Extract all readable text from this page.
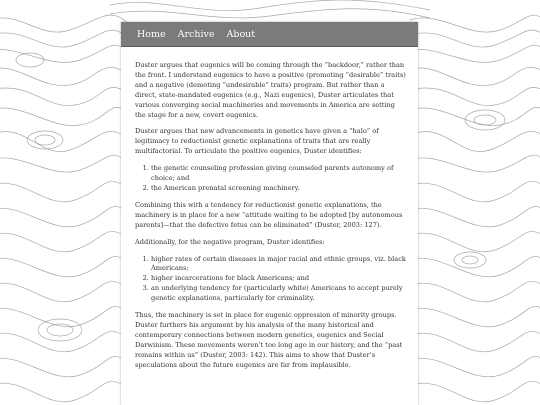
Home Archive About

Duster argues that eugenics will be coming through the “backdoor,” rather than the front. I understand eugenics to have a positive (promoting “desirable” traits) and a negative (demoting “undesirable” traits) program. But rather than a direct, state-mandated eugenics (e.g., Nazi eugenics), Duster articulates that various converging social machineries and movements in America are setting the stage for a new, covert eugenics.

Duster argues that new advancements in genetics have given a “halo” of legitimacy to reductionist genetic explanations of traits that are really multifactorial. To articulate the positive eugenics, Duster identifies:

1. the genetic counseling profession giving counseled parents autonomy of choice; and
2. the American prenatal screening machinery.

Combining this with a tendency for reductionist genetic explanations, the machinery is in place for a new “attitude waiting to be adopted [by autonomous parents]—that the defective fetus can be eliminated” (Duster, 2003: 127).

Additionally, for the negative program, Duster identifies:

1. higher rates of certain diseases in major racial and ethnic groups, viz. black Americans;
2. higher incarcerations for black Americans; and
3. an underlying tendency for (particularly white) Americans to accept purely genetic explanations, particularly for criminality.

Thus, the machinery is set in place for eugenic oppression of minority groups. Duster furthers his argument by his analysis of the many historical and contemporary connections between modern genetics, eugenics and Social Darwinism. These movements weren’t too long ago in our history, and the “past remains within us” (Duster, 2003: 142). This aims to show that Duster’s speculations about the future eugenics are far from implausible.
